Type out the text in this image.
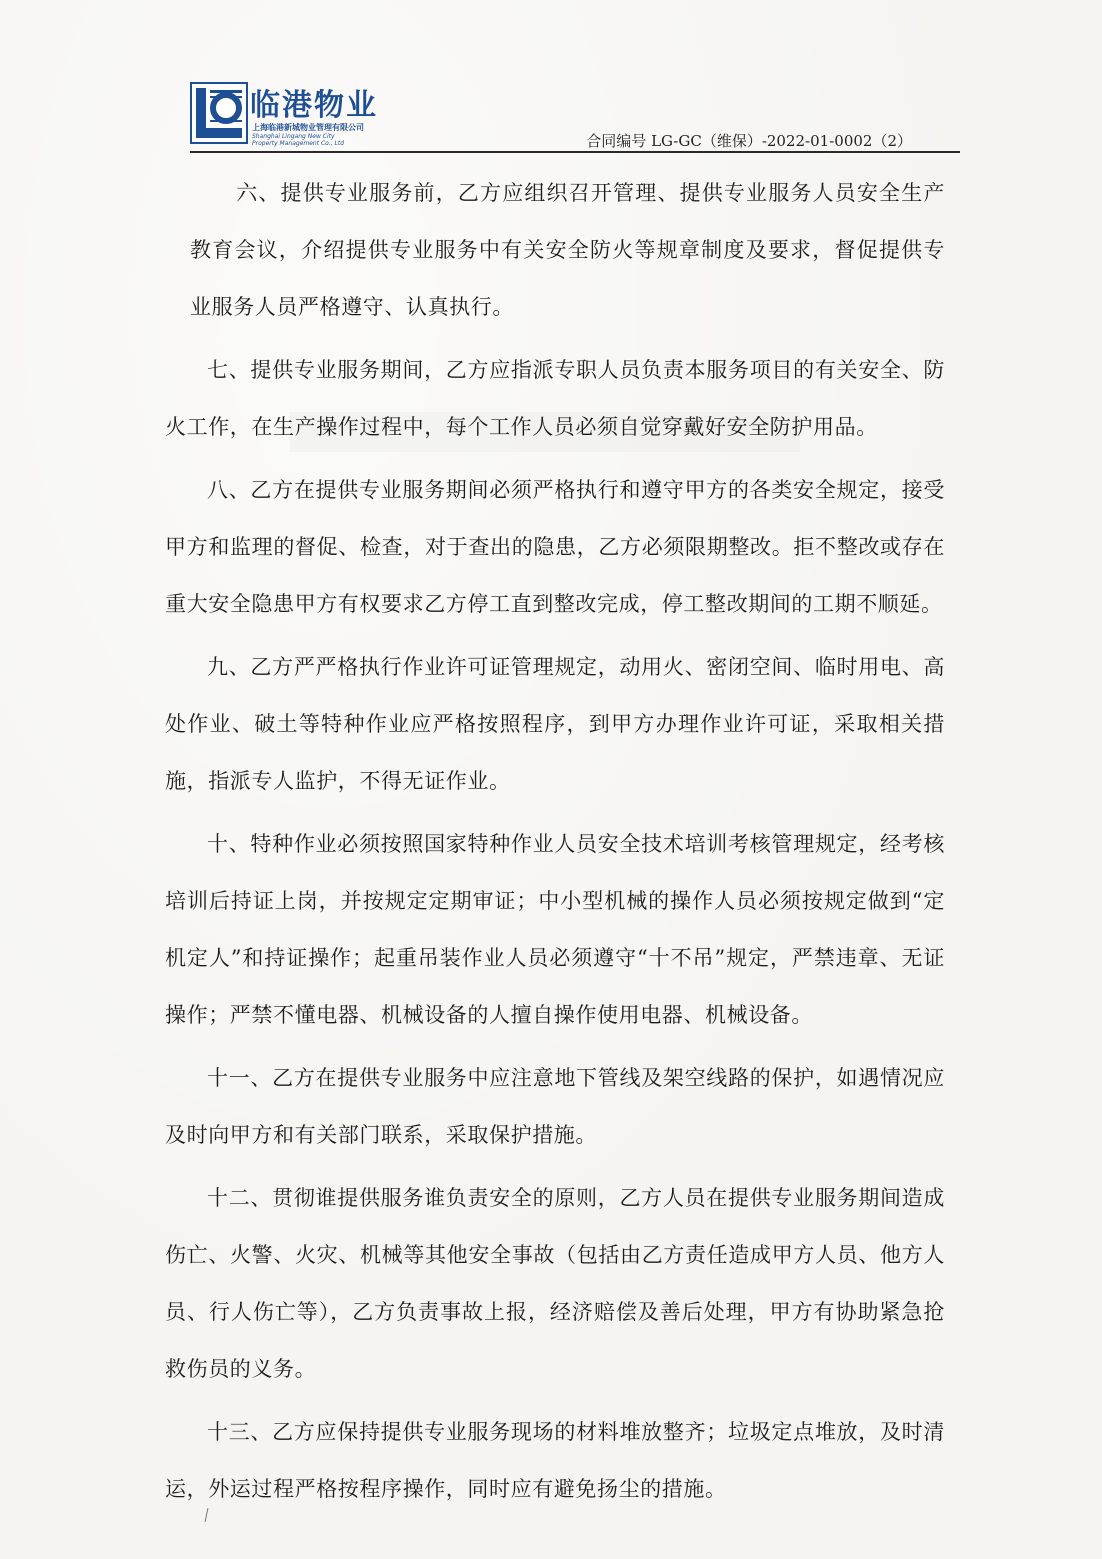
临港物业
上海临港新城物业管理有限公司
Shanghai Lingang New City Property Management Co., Ltd	合同编号 LG-GC（维保）-2022-01-0002（2）

六、提供专业服务前，乙方应组织召开管理、提供专业服务人员安全生产教育会议，介绍提供专业服务中有关安全防火等规章制度及要求，督促提供专业服务人员严格遵守、认真执行。

七、提供专业服务期间，乙方应指派专职人员负责本服务项目的有关安全、防火工作，在生产操作过程中，每个工作人员必须自觉穿戴好安全防护用品。

八、乙方在提供专业服务期间必须严格执行和遵守甲方的各类安全规定，接受甲方和监理的督促、检查，对于查出的隐患，乙方必须限期整改。拒不整改或存在重大安全隐患甲方有权要求乙方停工直到整改完成，停工整改期间的工期不顺延。

九、乙方严严格执行作业许可证管理规定，动用火、密闭空间、临时用电、高处作业、破土等特种作业应严格按照程序，到甲方办理作业许可证，采取相关措施，指派专人监护，不得无证作业。

十、特种作业必须按照国家特种作业人员安全技术培训考核管理规定，经考核培训后持证上岗，并按规定定期审证；中小型机械的操作人员必须按规定做到“定机定人”和持证操作；起重吊装作业人员必须遵守“十不吊”规定，严禁违章、无证操作；严禁不懂电器、机械设备的人擅自操作使用电器、机械设备。

十一、乙方在提供专业服务中应注意地下管线及架空线路的保护，如遇情况应及时向甲方和有关部门联系，采取保护措施。

十二、贯彻谁提供服务谁负责安全的原则，乙方人员在提供专业服务期间造成伤亡、火警、火灾、机械等其他安全事故（包括由乙方责任造成甲方人员、他方人员、行人伤亡等），乙方负责事故上报，经济赔偿及善后处理，甲方有协助紧急抢救伤员的义务。

十三、乙方应保持提供专业服务现场的材料堆放整齐；垃圾定点堆放，及时清运，外运过程严格按程序操作，同时应有避免扬尘的措施。
